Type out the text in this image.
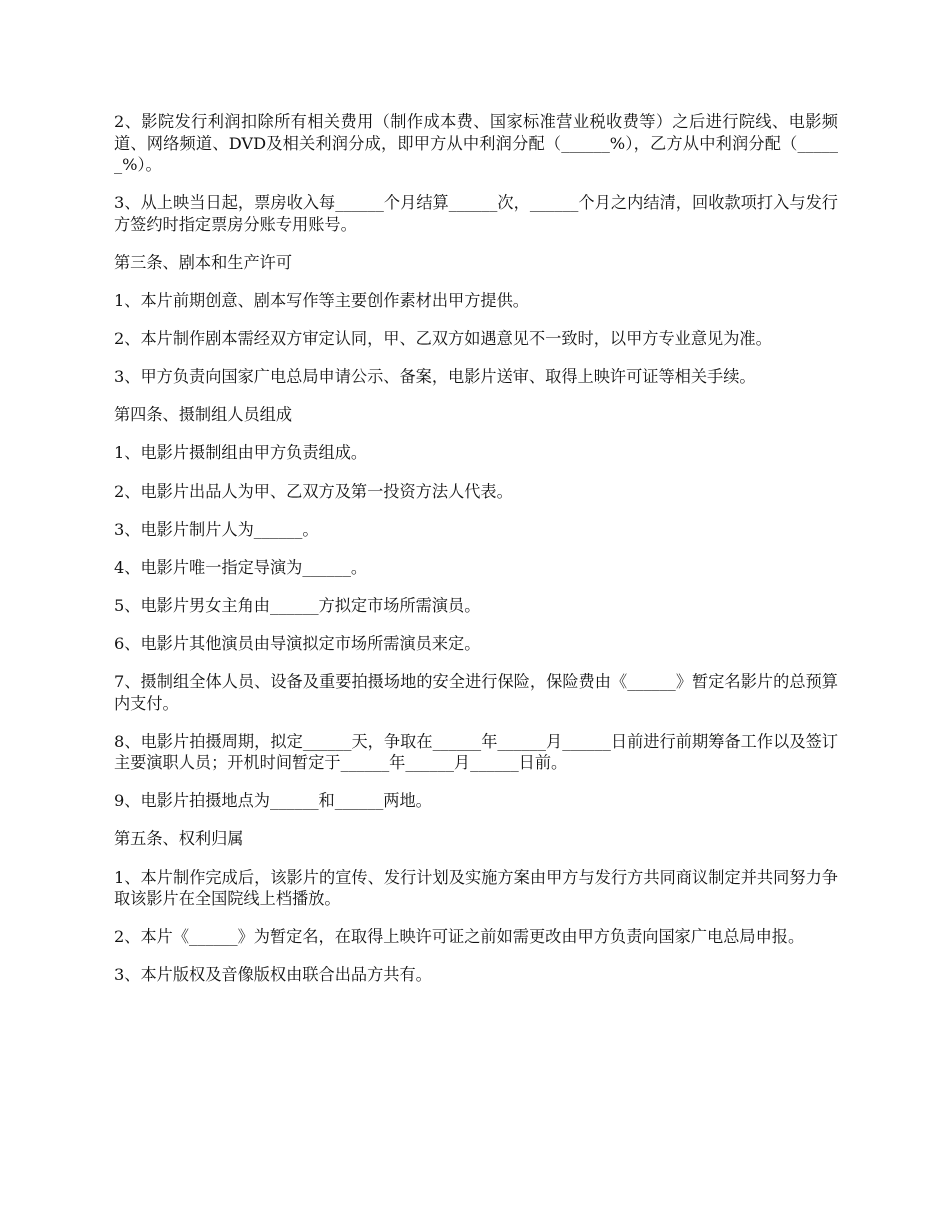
2、影院发行利润扣除所有相关费用（制作成本费、国家标准营业税收费等）之后进行院线、电影频道、网络频道、DVD及相关利润分成，即甲方从中利润分配（______%），乙方从中利润分配（______%）。

3、从上映当日起，票房收入每______个月结算______次，______个月之内结清，回收款项打入与发行方签约时指定票房分账专用账号。

第三条、剧本和生产许可

1、本片前期创意、剧本写作等主要创作素材出甲方提供。

2、本片制作剧本需经双方审定认同，甲、乙双方如遇意见不一致时，以甲方专业意见为准。

3、甲方负责向国家广电总局申请公示、备案，电影片送审、取得上映许可证等相关手续。

第四条、摄制组人员组成

1、电影片摄制组由甲方负责组成。

2、电影片出品人为甲、乙双方及第一投资方法人代表。

3、电影片制片人为______。

4、电影片唯一指定导演为______。

5、电影片男女主角由______方拟定市场所需演员。

6、电影片其他演员由导演拟定市场所需演员来定。

7、摄制组全体人员、设备及重要拍摄场地的安全进行保险，保险费由《______》暂定名影片的总预算内支付。

8、电影片拍摄周期，拟定______天，争取在______年______月______日前进行前期筹备工作以及签订主要演职人员；开机时间暂定于______年______月______日前。

9、电影片拍摄地点为______和______两地。

第五条、权利归属

1、本片制作完成后，该影片的宣传、发行计划及实施方案由甲方与发行方共同商议制定并共同努力争取该影片在全国院线上档播放。

2、本片《______》为暂定名，在取得上映许可证之前如需更改由甲方负责向国家广电总局申报。

3、本片版权及音像版权由联合出品方共有。
